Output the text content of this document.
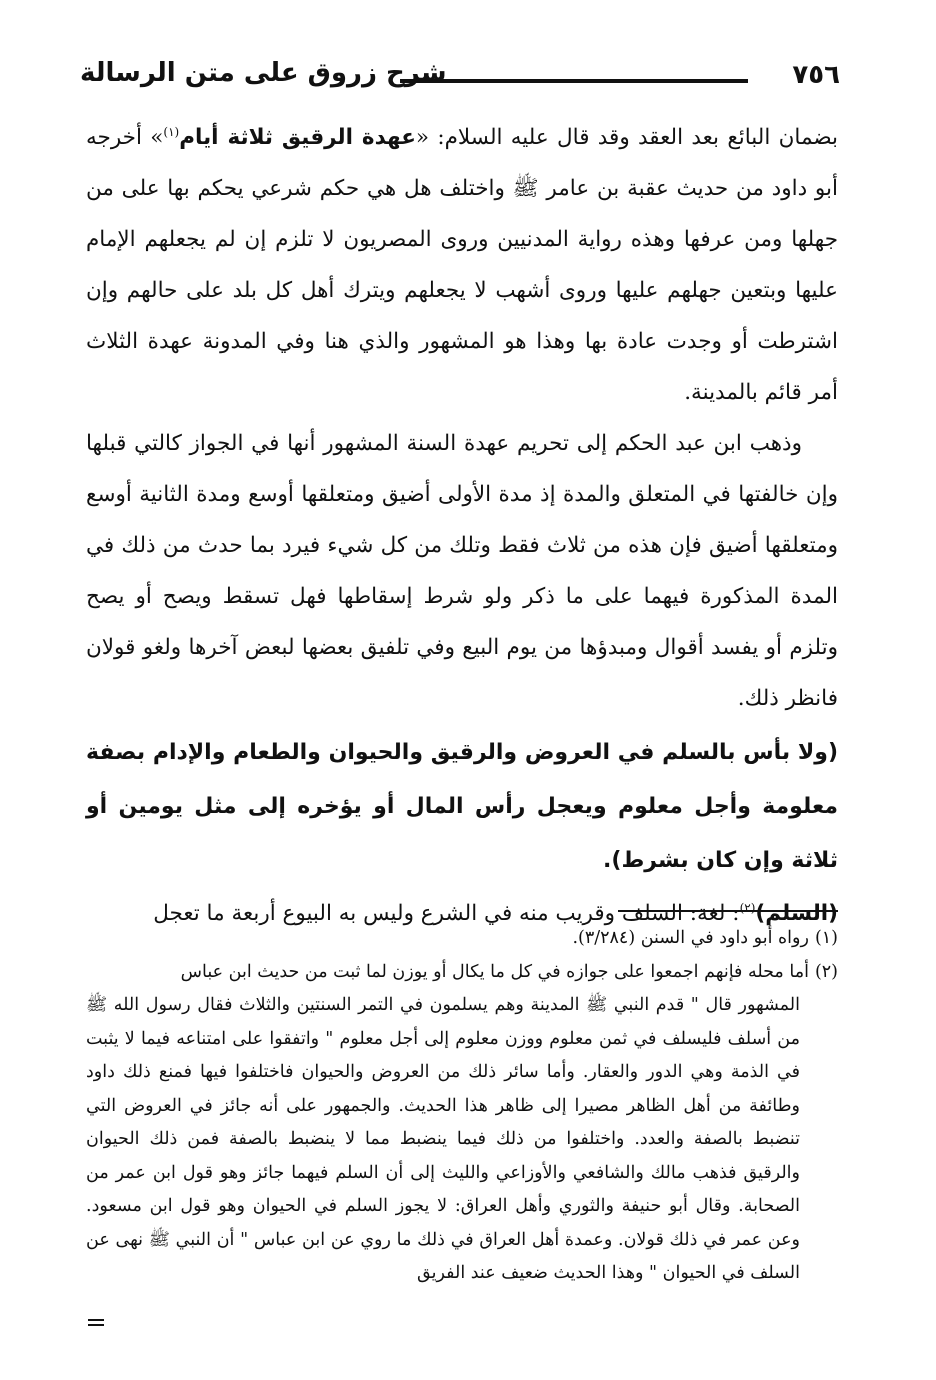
٧٥٦
شرح زروق على متن الرسالة

بضمان البائع بعد العقد وقد قال عليه السلام: «عهدة الرقيق ثلاثة أيام$^{(١)}$» أخرجه أبو داود من حديث عقبة بن عامر ﷺ واختلف هل هي حكم شرعي يحكم بها على من جهلها ومن عرفها وهذه رواية المدنيين وروى المصريون لا تلزم إن لم يجعلهم الإمام عليها وبتعين جهلهم عليها وروى أشهب لا يجعلهم ويترك أهل كل بلد على حالهم وإن اشترطت أو وجدت عادة بها وهذا هو المشهور والذي هنا وفي المدونة عهدة الثلاث أمر قائم بالمدينة.

وذهب ابن عبد الحكم إلى تحريم عهدة السنة المشهور أنها في الجواز كالتي قبلها وإن خالفتها في المتعلق والمدة إذ مدة الأولى أضيق ومتعلقها أوسع ومدة الثانية أوسع ومتعلقها أضيق فإن هذه من ثلاث فقط وتلك من كل شيء فيرد بما حدث من ذلك في المدة المذكورة فيهما على ما ذكر ولو شرط إسقاطها فهل تسقط ويصح أو يصح وتلزم أو يفسد أقوال ومبدؤها من يوم البيع وفي تلفيق بعضها لبعض آخرها ولغو قولان فانظر ذلك.

(ولا بأس بالسلم في العروض والرقيق والحيوان والطعام والإدام بصفة معلومة وأجل معلوم ويعجل رأس المال أو يؤخره إلى مثل يومين أو ثلاثة وإن كان بشرط).

(السلم)$^{(٢)}$: لغة: السلف وقريب منه في الشرع وليس به البيوع أربعة ما تعجل

(١)رواه أبو داود في السنن (٣/٢٨٤).

(٢)أما محله فإنهم اجمعوا على جوازه في كل ما يكال أو يوزن لما ثبت من حديث ابن عباس
المشهور قال " قدم النبي ﷺ المدينة وهم يسلمون في التمر السنتين والثلاث فقال رسول الله ﷺ من أسلف فليسلف في ثمن معلوم ووزن معلوم إلى أجل معلوم " واتفقوا على امتناعه فيما لا يثبت في الذمة وهي الدور والعقار. وأما سائر ذلك من العروض والحيوان فاختلفوا فيها فمنع ذلك داود وطائفة من أهل الظاهر مصيرا إلى ظاهر هذا الحديث. والجمهور على أنه جائز في العروض التي تنضبط بالصفة والعدد. واختلفوا من ذلك فيما ينضبط مما لا ينضبط بالصفة فمن ذلك الحيوان والرقيق فذهب مالك والشافعي والأوزاعي والليث إلى أن السلم فيهما جائز وهو قول ابن عمر من الصحابة. وقال أبو حنيفة والثوري وأهل العراق: لا يجوز السلم في الحيوان وهو قول ابن مسعود. وعن عمر في ذلك قولان. وعمدة أهل العراق في ذلك ما روي عن ابن عباس " أن النبي ﷺ نهى عن السلف في الحيوان " وهذا الحديث ضعيف عند الفريق
